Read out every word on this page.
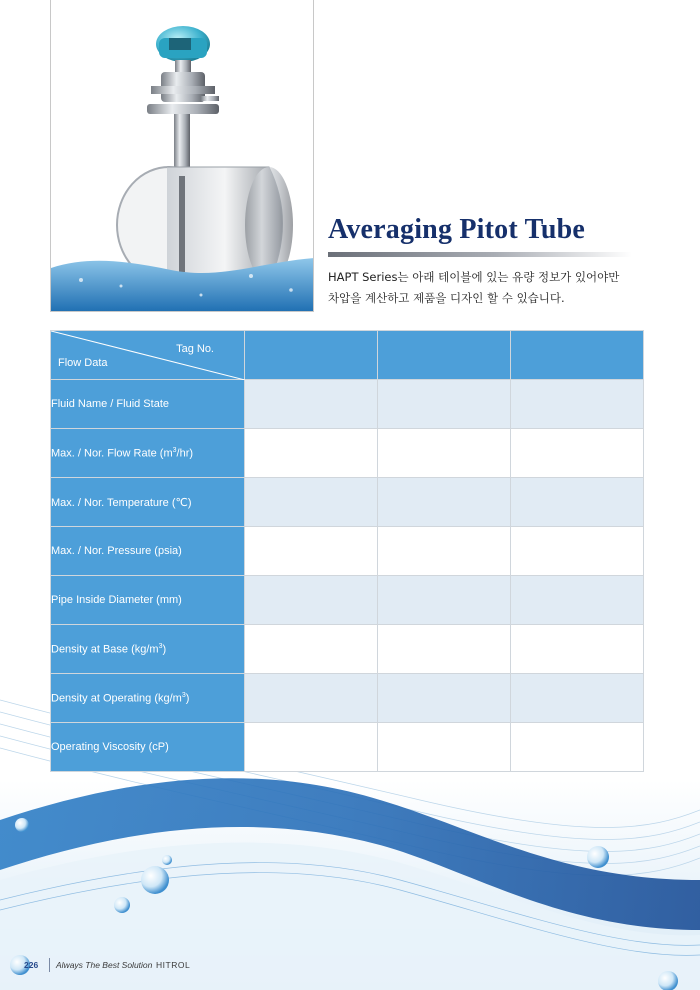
Averaging Pitot Tube

HAPT Series는 아래 테이블에 있는 유량 정보가 있어야만

차압을 계산하고 제품을 디자인 할 수 있습니다.

Tag No.
Flow Data			

Fluid Name / Fluid State			
Max. / Nor. Flow Rate $(m^3/hr)$			
Max. / Nor. Temperature (℃)			
Max. / Nor. Pressure (psia)			
Pipe Inside Diameter (mm)			
Density at Base $(kg/m^3)$			
Density at Operating $(kg/m^3)$			
Operating Viscosity (cP)			
226 Always The Best Solution HITROL
